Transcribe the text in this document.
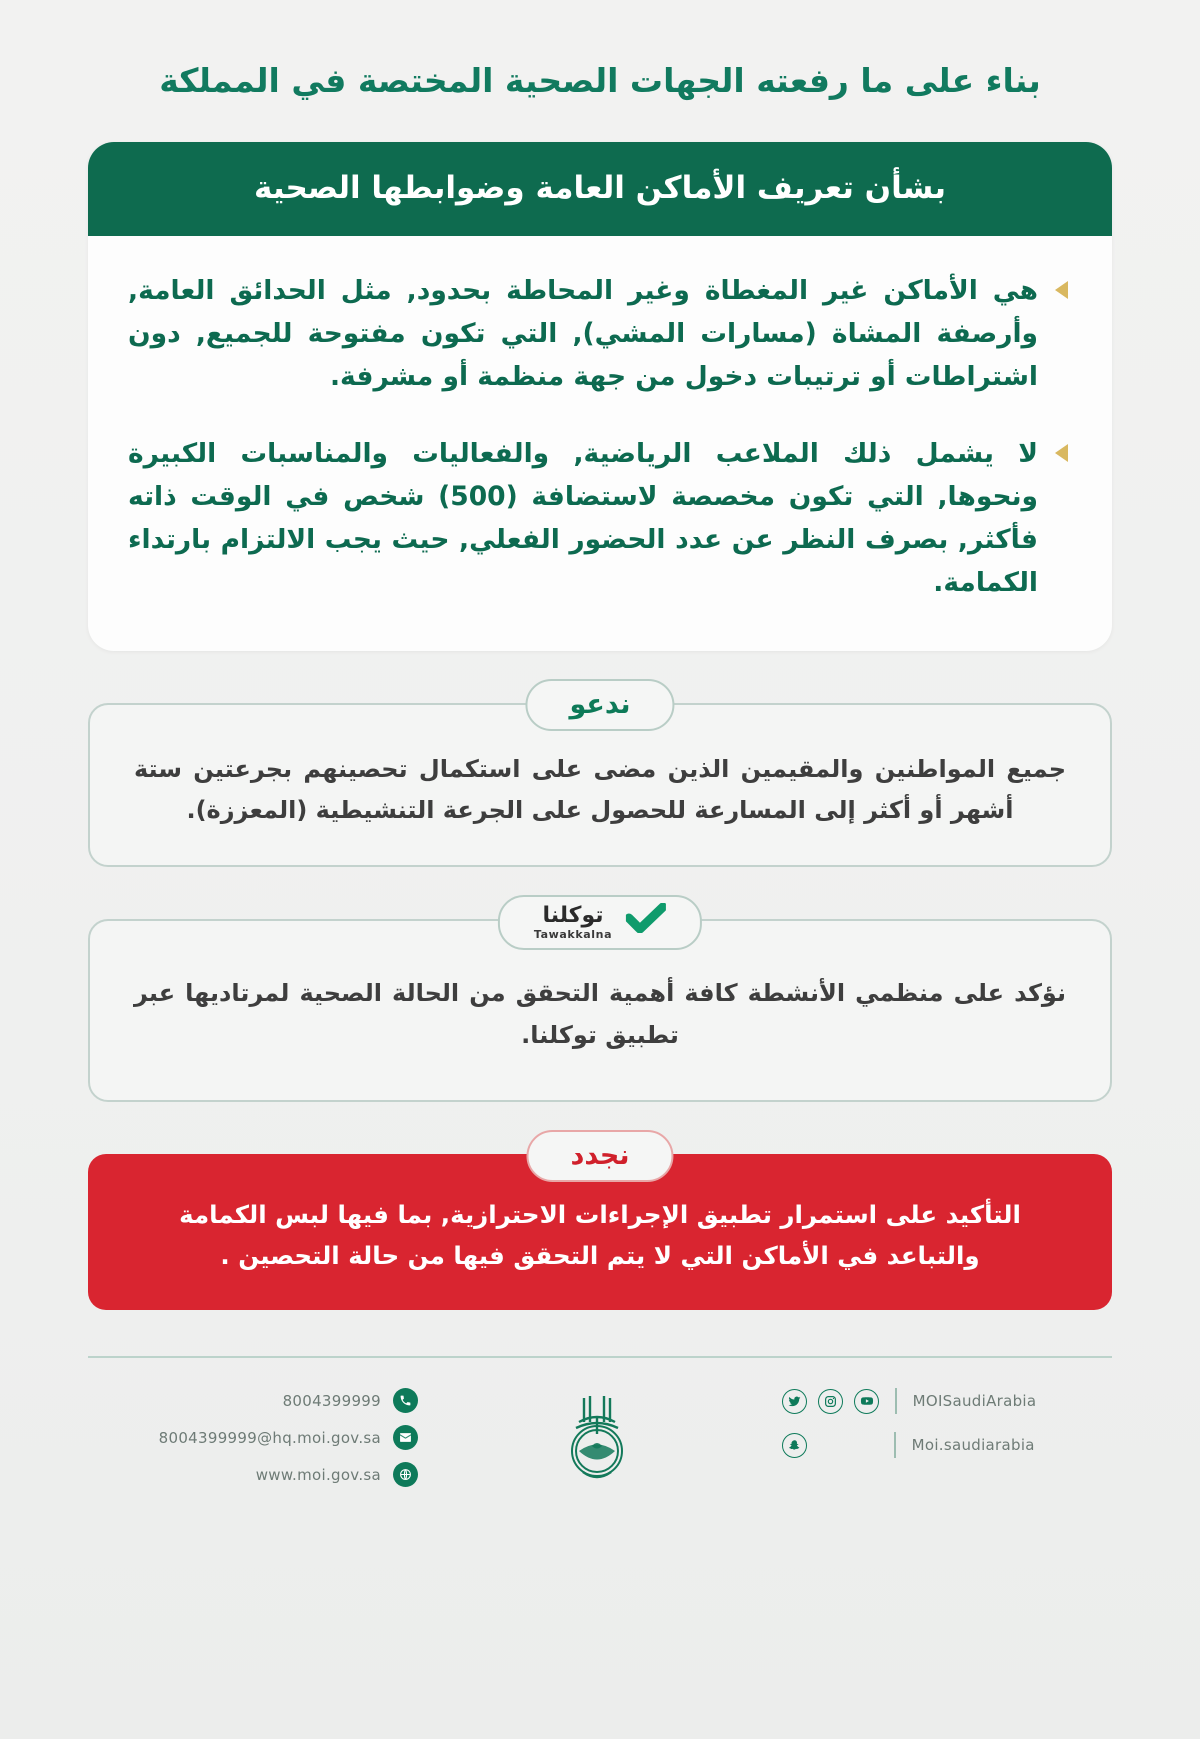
بناء على ما رفعته الجهات الصحية المختصة في المملكة
بشأن تعريف الأماكن العامة وضوابطها الصحية
هي الأماكن غير المغطاة وغير المحاطة بحدود, مثل الحدائق العامة, وأرصفة المشاة (مسارات المشي), التي تكون مفتوحة للجميع, دون اشتراطات أو ترتيبات دخول من جهة منظمة أو مشرفة.
لا يشمل ذلك الملاعب الرياضية, والفعاليات والمناسبات الكبيرة ونحوها, التي تكون مخصصة لاستضافة (500) شخص في الوقت ذاته فأكثر, بصرف النظر عن عدد الحضور الفعلي, حيث يجب الالتزام بارتداء الكمامة.
ندعو
جميع المواطنين والمقيمين الذين مضى على استكمال تحصينهم بجرعتين ستة أشهر أو أكثر إلى المسارعة للحصول على الجرعة التنشيطية (المعززة).
توكلنا
Tawakkalna
نؤكد على منظمي الأنشطة كافة أهمية التحقق من الحالة الصحية لمرتاديها عبر تطبيق توكلنا.
نجدد
التأكيد على استمرار تطبيق الإجراءات الاحترازية, بما فيها لبس الكمامة والتباعد في الأماكن التي لا يتم التحقق فيها من حالة التحصين .
MOISaudiArabia
Moi.saudiarabia
8004399999
8004399999@hq.moi.gov.sa
www.moi.gov.sa
